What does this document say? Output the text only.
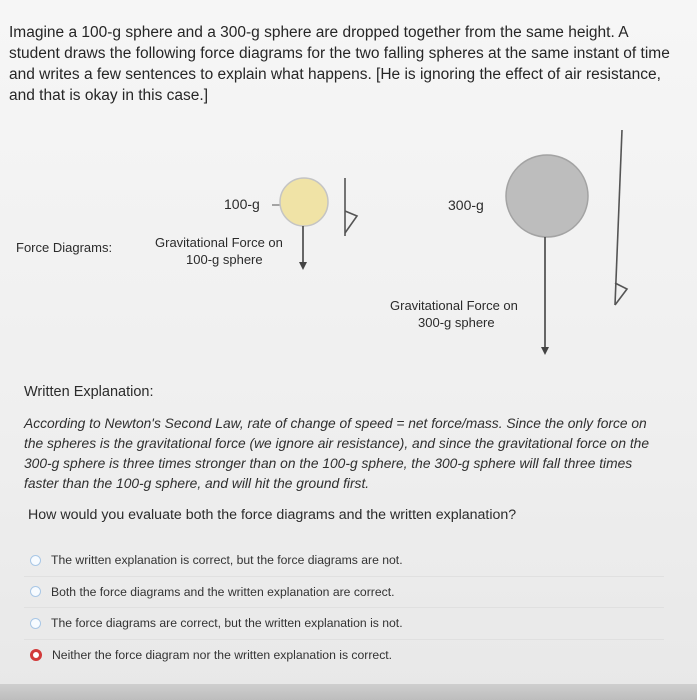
Imagine a 100-g sphere and a 300-g sphere are dropped together from the same height. A student draws the following force diagrams for the two falling spheres at the same instant of time and writes a few sentences to explain what happens. [He is ignoring the effect of air resistance, and that is okay in this case.]
Force Diagrams:
100-g
Gravitational Force on
100-g sphere
300-g
Gravitational Force on
300-g sphere
Written Explanation:
According to Newton's Second Law, rate of change of speed = net force/mass. Since the only force on the spheres is the gravitational force (we ignore air resistance), and since the gravitational force on the 300-g sphere is three times stronger than on the 100-g sphere, the 300-g sphere will fall three times faster than the 100-g sphere, and will hit the ground first.
How would you evaluate both the force diagrams and the written explanation?
The written explanation is correct, but the force diagrams are not.
Both the force diagrams and the written explanation are correct.
The force diagrams are correct, but the written explanation is not.
Neither the force diagram nor the written explanation is correct.
